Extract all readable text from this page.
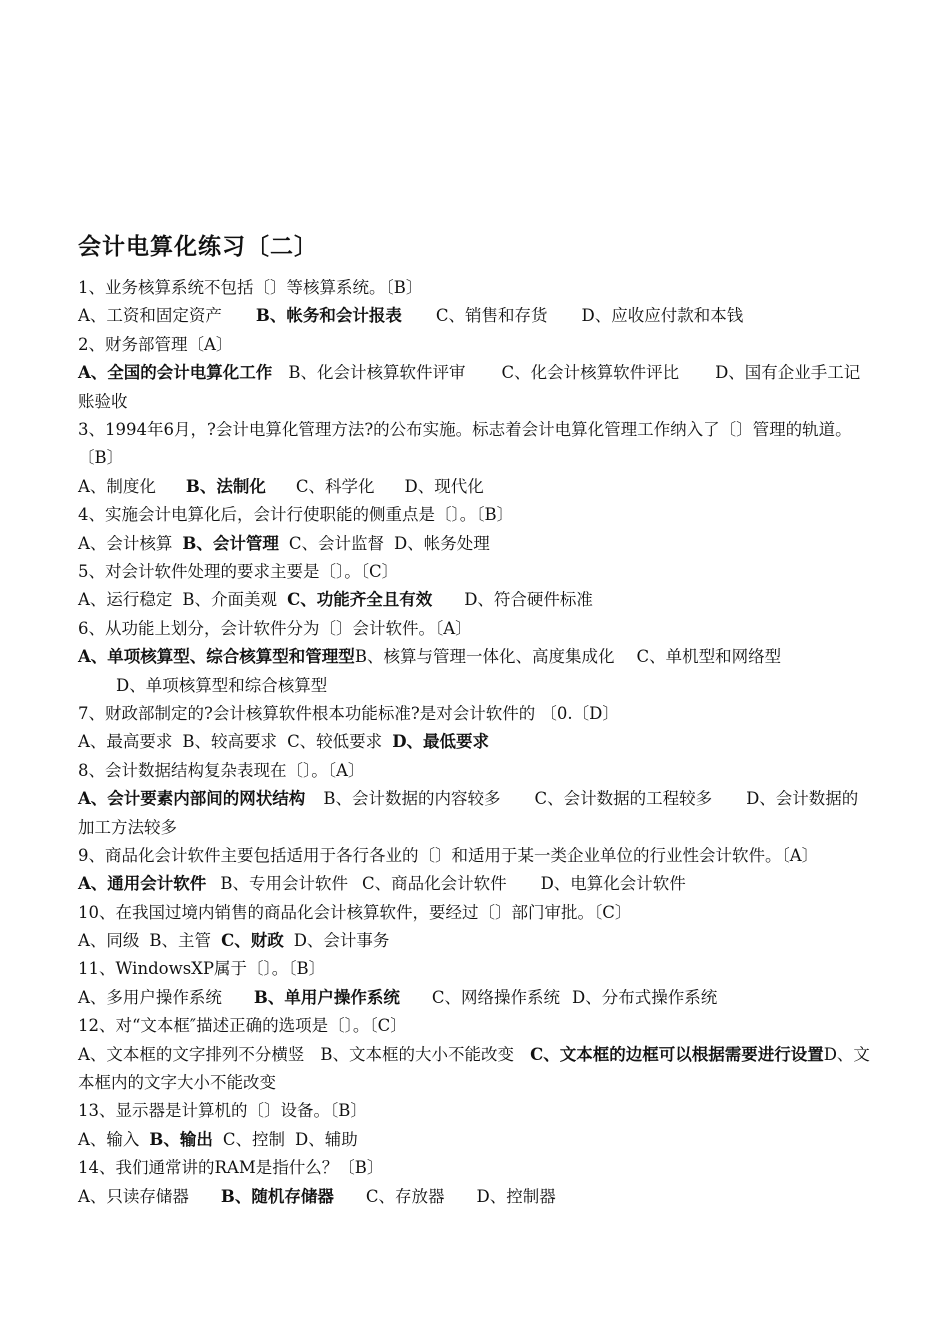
会计电算化练习〔二〕
1、业务核算系统不包括〔〕等核算系统。〔B〕
A、工资和固定资产 B、帐务和会计报表 C、销售和存货 D、应收应付款和本钱
2、财务部管理〔A〕
A、全国的会计电算化工作 B、化会计核算软件评审 C、化会计核算软件评比 D、国有企业手工记账验收
3、1994年6月，?会计电算化管理方法?的公布实施。标志着会计电算化管理工作纳入了〔〕管理的轨道。〔B〕
A、制度化 B、法制化 C、科学化 D、现代化
4、实施会计电算化后，会计行使职能的侧重点是〔〕。〔B〕
A、会计核算 B、会计管理 C、会计监督 D、帐务处理
5、对会计软件处理的要求主要是〔〕。〔C〕
A、运行稳定 B、介面美观 C、功能齐全且有效 D、符合硬件标准
6、从功能上划分，会计软件分为〔〕会计软件。〔A〕
A、单项核算型、综合核算型和管理型B、核算与管理一体化、高度集成化 C、单机型和网络型
D、单项核算型和综合核算型
7、财政部制定的?会计核算软件根本功能标准?是对会计软件的 〔0.〔D〕
A、最高要求 B、较高要求 C、较低要求 D、最低要求
8、会计数据结构复杂表现在〔〕。〔A〕
A、会计要素内部间的网状结构 B、会计数据的内容较多 C、会计数据的工程较多 D、会计数据的加工方法较多
9、商品化会计软件主要包括适用于各行各业的〔〕和适用于某一类企业单位的行业性会计软件。〔A〕
A、通用会计软件 B、专用会计软件 C、商品化会计软件 D、电算化会计软件
10、在我国过境内销售的商品化会计核算软件，要经过〔〕部门审批。〔C〕
A、同级 B、主管 C、财政 D、会计事务
11、WindowsXP属于〔〕。〔B〕
A、多用户操作系统 B、单用户操作系统 C、网络操作系统 D、分布式操作系统
12、对“文本框″描述正确的选项是〔〕。〔C〕
A、文本框的文字排列不分横竖 B、文本框的大小不能改变 C、文本框的边框可以根据需要进行设置D、文本框内的文字大小不能改变
13、显示器是计算机的〔〕设备。〔B〕
A、输入 B、输出 C、控制 D、辅助
14、我们通常讲的RAM是指什么？〔B〕
A、只读存储器 B、随机存储器 C、存放器 D、控制器
